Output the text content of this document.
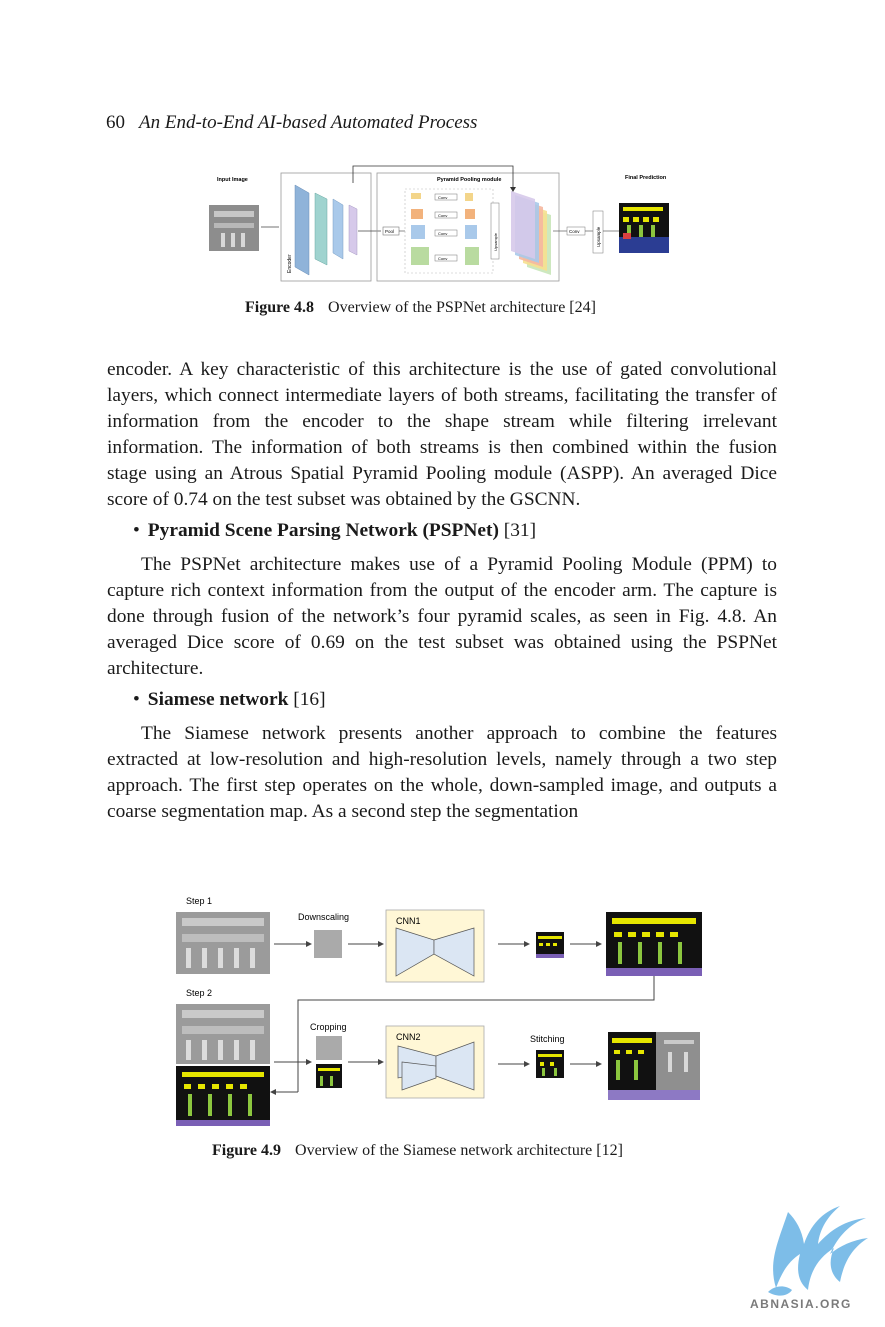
60 An End-to-End AI-based Automated Process
Input Image	Pyramid Pooling module	Final Prediction
Encoder
Pool
Conv
Conv
Conv
Conv
Upsample
Conv	Upsample
Figure 4.8 Overview of the PSPNet architecture [24]

encoder. A key characteristic of this architecture is the use of gated convolutional layers, which connect intermediate layers of both streams, facilitating the transfer of information from the encoder to the shape stream while filtering irrelevant information. The information of both streams is then combined within the fusion stage using an Atrous Spatial Pyramid Pooling module (ASPP). An averaged Dice score of 0.74 on the test subset was obtained by the GSCNN.

• Pyramid Scene Parsing Network (PSPNet) [31]

The PSPNet architecture makes use of a Pyramid Pooling Module (PPM) to capture rich context information from the output of the encoder arm. The capture is done through fusion of the network’s four pyramid scales, as seen in Fig. 4.8. An averaged Dice score of 0.69 on the test subset was obtained using the PSPNet architecture.

• Siamese network [16]

The Siamese network presents another approach to combine the features extracted at low-resolution and high-resolution levels, namely through a two step approach. The first step operates on the whole, down-sampled image, and outputs a coarse segmentation map. As a second step the segmentation

Step 1
Step 2
Downscaling
Cropping
Stitching
CNN1
CNN2
Figure 4.9 Overview of the Siamese network architecture [12]
ABNASIA.ORG
